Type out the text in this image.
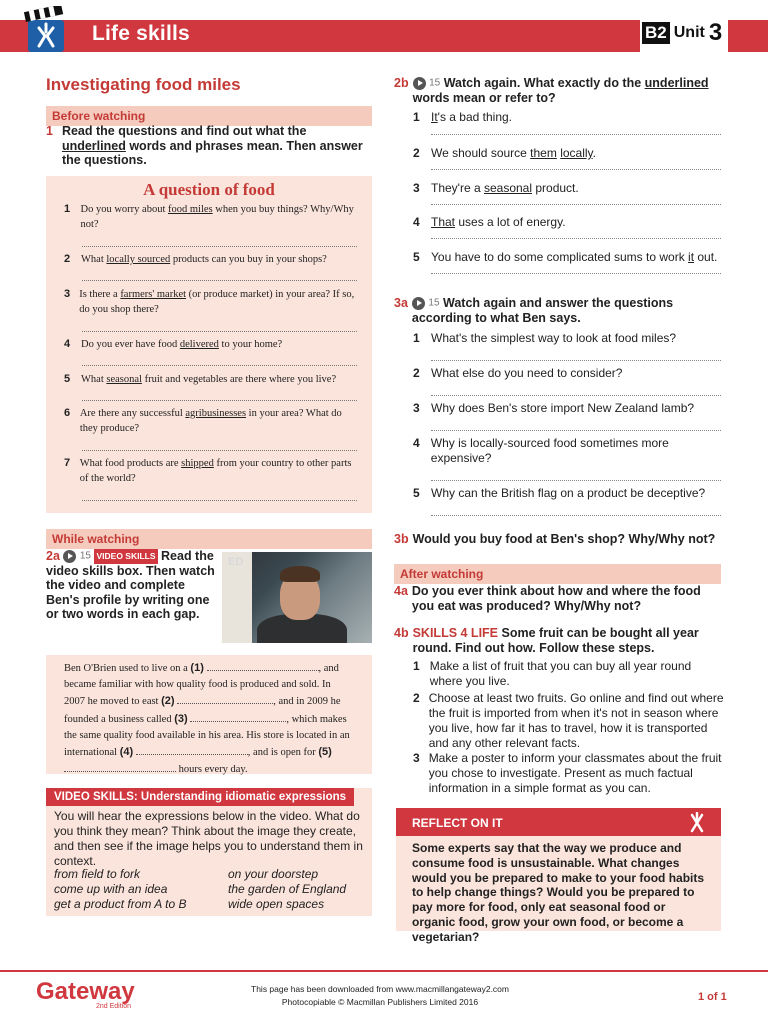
Life skills	B2 Unit 3
Investigating food miles
Before watching
1 Read the questions and find out what the underlined words and phrases mean. Then answer the questions.
A question of food
1 Do you worry about food miles when you buy things? Why/Why not?
2 What locally sourced products can you buy in your shops?
3 Is there a farmers' market (or produce market) in your area? If so, do you shop there?
4 Do you ever have food delivered to your home?
5 What seasonal fruit and vegetables are there where you live?
6 Are there any successful agribusinesses in your area? What do they produce?
7 What food products are shipped from your country to other parts of the world?
While watching
2a 15 VIDEO SKILLS Read the video skills box. Then watch the video and complete Ben's profile by writing one or two words in each gap.
ED
Ben O'Brien used to live on a (1)	, and became familiar with how quality food is produced and sold. In 2007 he moved to east (2)	, and in 2009 he founded a business called (3)	, which makes the same quality food available in his area. His store is located in an international (4)	, and is open for (5)  hours every day.
VIDEO SKILLS: Understanding idiomatic expressions
You will hear the expressions below in the video. What do you think they mean? Think about the image they create, and then see if the image helps you to understand them in context.
from field to fork	on your doorstep
come up with an idea	the garden of England
get a product from A to B	wide open spaces
2b	15 Watch again. What exactly do the underlined words mean or refer to?
1 It's a bad thing.
2 We should source them locally.
3 They're a seasonal product.
4 That uses a lot of energy.
5 You have to do some complicated sums to work it out.
3a	15 Watch again and answer the questions according to what Ben says.
1 What's the simplest way to look at food miles?
2 What else do you need to consider?
3 Why does Ben's store import New Zealand lamb?
4 Why is locally-sourced food sometimes more expensive?
5 Why can the British flag on a product be deceptive?
3b Would you buy food at Ben's shop? Why/Why not?
After watching
4a Do you ever think about how and where the food you eat was produced? Why/Why not?
4b SKILLS 4 LIFE Some fruit can be bought all year round. Find out how. Follow these steps.
1 Make a list of fruit that you can buy all year round where you live.
2 Choose at least two fruits. Go online and find out where the fruit is imported from when it's not in season where you live, how far it has to travel, how it is transported and any other relevant facts.
3 Make a poster to inform your classmates about the fruit you chose to investigate. Present as much factual information in a simple format as you can.
REFLECT ON IT
Some experts say that the way we produce and consume food is unsustainable. What changes would you be prepared to make to your food habits to help change things? Would you be prepared to pay more for food, only eat seasonal food or organic food, grow your own food, or become a vegetarian?
Gateway
2nd Edition
This page has been downloaded from www.macmillangateway2.com
Photocopiable © Macmillan Publishers Limited 2016	1 of 1
